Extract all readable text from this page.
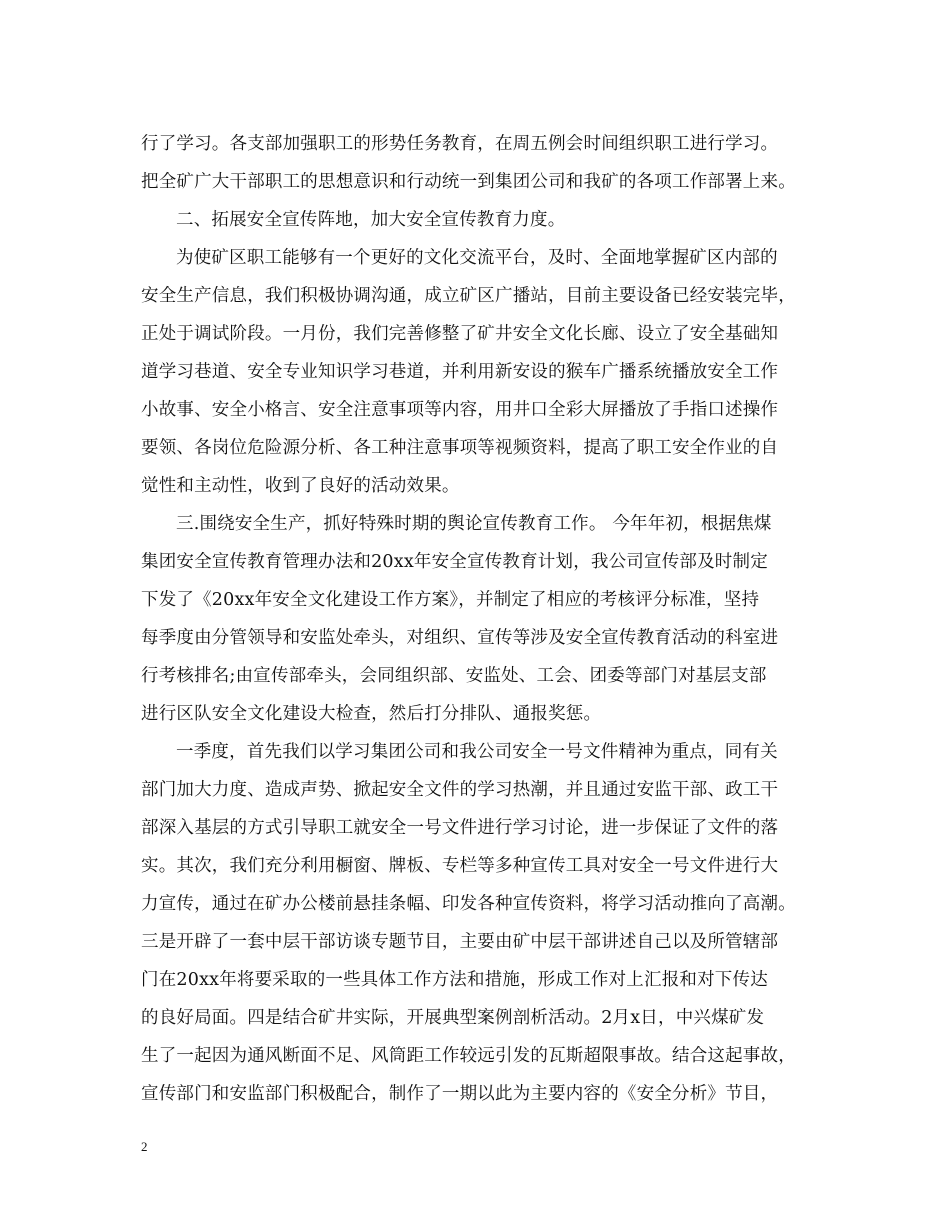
行了学习。各支部加强职工的形势任务教育，在周五例会时间组织职工进行学习。
把全矿广大干部职工的思想意识和行动统一到集团公司和我矿的各项工作部署上来。
二、拓展安全宣传阵地，加大安全宣传教育力度。
为使矿区职工能够有一个更好的文化交流平台，及时、全面地掌握矿区内部的
安全生产信息，我们积极协调沟通，成立矿区广播站，目前主要设备已经安装完毕，
正处于调试阶段。一月份，我们完善修整了矿井安全文化长廊、设立了安全基础知
道学习巷道、安全专业知识学习巷道，并利用新安设的猴车广播系统播放安全工作
小故事、安全小格言、安全注意事项等内容，用井口全彩大屏播放了手指口述操作
要领、各岗位危险源分析、各工种注意事项等视频资料，提高了职工安全作业的自
觉性和主动性，收到了良好的活动效果。
三.围绕安全生产，抓好特殊时期的舆论宣传教育工作。 今年年初，根据焦煤
集团安全宣传教育管理办法和20xx年安全宣传教育计划，我公司宣传部及时制定
下发了《20xx年安全文化建设工作方案》，并制定了相应的考核评分标准，坚持
每季度由分管领导和安监处牵头，对组织、宣传等涉及安全宣传教育活动的科室进
行考核排名;由宣传部牵头，会同组织部、安监处、工会、团委等部门对基层支部
进行区队安全文化建设大检查，然后打分排队、通报奖惩。
一季度，首先我们以学习集团公司和我公司安全一号文件精神为重点，同有关
部门加大力度、造成声势、掀起安全文件的学习热潮，并且通过安监干部、政工干
部深入基层的方式引导职工就安全一号文件进行学习讨论，进一步保证了文件的落
实。其次，我们充分利用橱窗、牌板、专栏等多种宣传工具对安全一号文件进行大
力宣传，通过在矿办公楼前悬挂条幅、印发各种宣传资料，将学习活动推向了高潮。
三是开辟了一套中层干部访谈专题节目，主要由矿中层干部讲述自己以及所管辖部
门在20xx年将要采取的一些具体工作方法和措施，形成工作对上汇报和对下传达
的良好局面。四是结合矿井实际，开展典型案例剖析活动。2月x日，中兴煤矿发
生了一起因为通风断面不足、风筒距工作较远引发的瓦斯超限事故。结合这起事故，
宣传部门和安监部门积极配合，制作了一期以此为主要内容的《安全分析》节目，
2
